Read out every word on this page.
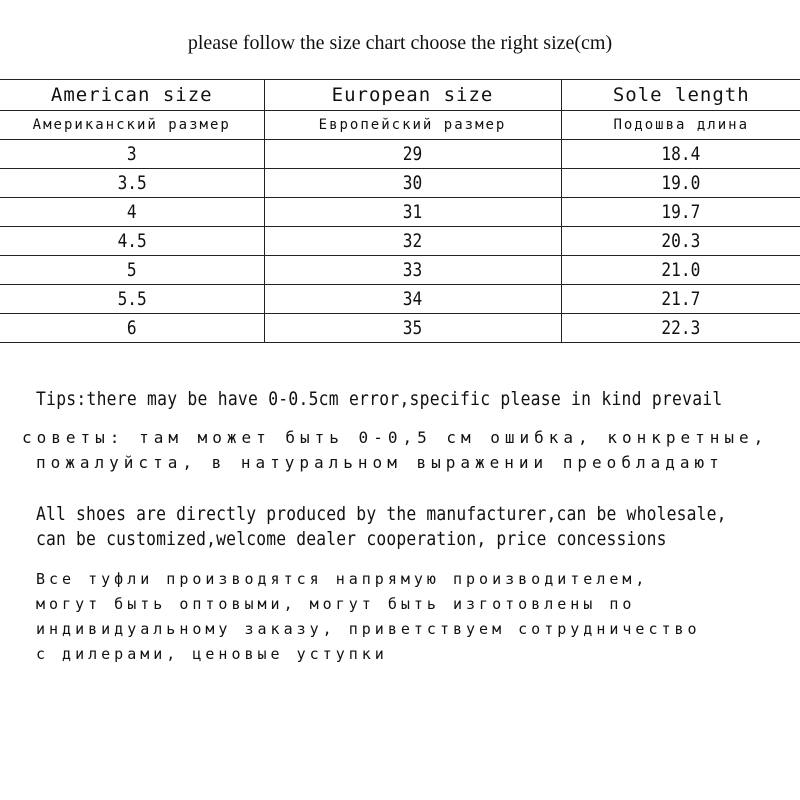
please follow the size chart choose the right size(cm)
American size	European size	Sole length
Американский размер	Европейский размер	Подошва длина
3	29	18.4
3.5	30	19.0
4	31	19.7
4.5	32	20.3
5	33	21.0
5.5	34	21.7
6	35	22.3
Tips:there may be have 0-0.5cm error,specific please in kind prevail
советы: там может быть 0-0,5 см ошибка, конкретные,
пожалуйста, в натуральном выражении преобладают
All shoes are directly produced by the manufacturer,can be wholesale,
can be customized,welcome dealer cooperation, price concessions
Все туфли производятся напрямую производителем,
могут быть оптовыми, могут быть изготовлены по
индивидуальному заказу, приветствуем сотрудничество
с дилерами, ценовые уступки
